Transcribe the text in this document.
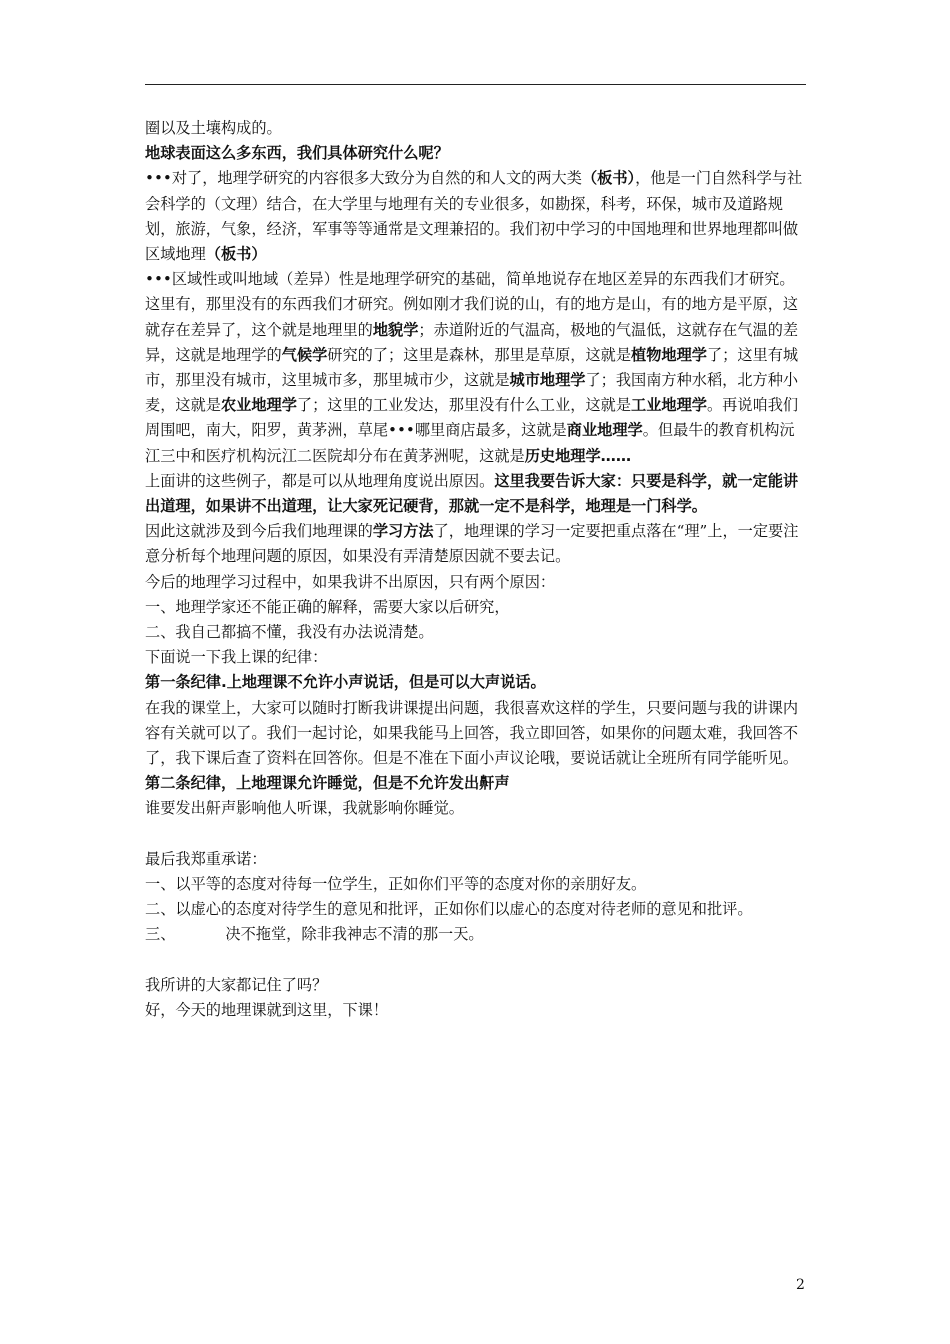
圈以及土壤构成的。

地球表面这么多东西，我们具体研究什么呢？

•••对了，地理学研究的内容很多大致分为自然的和人文的两大类（板书），他是一门自然科学与社会科学的（文理）结合，在大学里与地理有关的专业很多，如勘探，科考，环保，城市及道路规划，旅游，气象，经济，军事等等通常是文理兼招的。我们初中学习的中国地理和世界地理都叫做区域地理（板书）

•••区域性或叫地域（差异）性是地理学研究的基础，简单地说存在地区差异的东西我们才研究。这里有，那里没有的东西我们才研究。例如刚才我们说的山，有的地方是山，有的地方是平原，这就存在差异了，这个就是地理里的地貌学；赤道附近的气温高，极地的气温低，这就存在气温的差异，这就是地理学的气候学研究的了；这里是森林，那里是草原，这就是植物地理学了；这里有城市，那里没有城市，这里城市多，那里城市少，这就是城市地理学了；我国南方种水稻，北方种小麦，这就是农业地理学了；这里的工业发达，那里没有什么工业，这就是工业地理学。再说咱我们周围吧，南大，阳罗，黄茅洲，草尾•••哪里商店最多，这就是商业地理学。但最牛的教育机构沅江三中和医疗机构沅江二医院却分布在黄茅洲呢，这就是历史地理学……

上面讲的这些例子，都是可以从地理角度说出原因。这里我要告诉大家：只要是科学，就一定能讲出道理，如果讲不出道理，让大家死记硬背，那就一定不是科学，地理是一门科学。

因此这就涉及到今后我们地理课的学习方法了，地理课的学习一定要把重点落在“理”上，一定要注意分析每个地理问题的原因，如果没有弄清楚原因就不要去记。

今后的地理学习过程中，如果我讲不出原因，只有两个原因：

一、地理学家还不能正确的解释，需要大家以后研究，

二、我自己都搞不懂，我没有办法说清楚。

下面说一下我上课的纪律：

第一条纪律.上地理课不允许小声说话，但是可以大声说话。

在我的课堂上，大家可以随时打断我讲课提出问题，我很喜欢这样的学生，只要问题与我的讲课内容有关就可以了。我们一起讨论，如果我能马上回答，我立即回答，如果你的问题太难，我回答不了，我下课后查了资料在回答你。但是不准在下面小声议论哦，要说话就让全班所有同学能听见。

第二条纪律，上地理课允许睡觉，但是不允许发出鼾声

谁要发出鼾声影响他人听课，我就影响你睡觉。

最后我郑重承诺：

一、以平等的态度对待每一位学生，正如你们平等的态度对你的亲朋好友。

二、以虚心的态度对待学生的意见和批评，正如你们以虚心的态度对待老师的意见和批评。

三、	决不拖堂，除非我神志不清的那一天。

我所讲的大家都记住了吗？

好，今天的地理课就到这里，下课！

2
